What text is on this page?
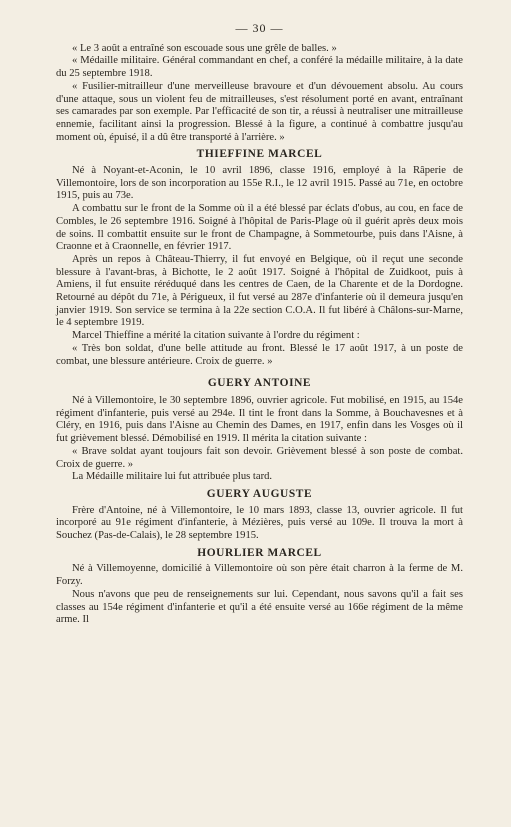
— 30 —

« Le 3 août a entraîné son escouade sous une grêle de balles. »

« Médaille militaire. Général commandant en chef, a conféré la médaille militaire, à la date du 25 septembre 1918.

« Fusilier-mitrailleur d'une merveilleuse bravoure et d'un dévouement absolu. Au cours d'une attaque, sous un violent feu de mitrailleuses, s'est résolument porté en avant, entraînant ses camarades par son exemple. Par l'efficacité de son tir, a réussi à neutraliser une mitrailleuse ennemie, facilitant ainsi la progression. Blessé à la figure, a continué à combattre jusqu'au moment où, épuisé, il a dû être transporté à l'arrière. »

THIEFFINE MARCEL

Né à Noyant-et-Aconin, le 10 avril 1896, classe 1916, employé à la Râperie de Villemontoire, lors de son incorporation au 155e R.I., le 12 avril 1915. Passé au 71e, en octobre 1915, puis au 73e.

A combattu sur le front de la Somme où il a été blessé par éclats d'obus, au cou, en face de Combles, le 26 septembre 1916. Soigné à l'hôpital de Paris-Plage où il guérit après deux mois de soins. Il combattit ensuite sur le front de Champagne, à Sommetourbe, puis dans l'Aisne, à Craonne et à Craonnelle, en février 1917.

Après un repos à Château-Thierry, il fut envoyé en Belgique, où il reçut une seconde blessure à l'avant-bras, à Bichotte, le 2 août 1917. Soigné à l'hôpital de Zuidkoot, puis à Amiens, il fut ensuite réréduqué dans les centres de Caen, de la Charente et de la Dordogne. Retourné au dépôt du 71e, à Périgueux, il fut versé au 287e d'infanterie où il demeura jusqu'en janvier 1919. Son service se termina à la 22e section C.O.A. Il fut libéré à Châlons-sur-Marne, le 4 septembre 1919.

Marcel Thieffine a mérité la citation suivante à l'ordre du régiment :

« Très bon soldat, d'une belle attitude au front. Blessé le 17 août 1917, à un poste de combat, une blessure antérieure. Croix de guerre. »

GUERY ANTOINE

Né à Villemontoire, le 30 septembre 1896, ouvrier agricole. Fut mobilisé, en 1915, au 154e régiment d'infanterie, puis versé au 294e. Il tint le front dans la Somme, à Bouchavesnes et à Cléry, en 1916, puis dans l'Aisne au Chemin des Dames, en 1917, enfin dans les Vosges où il fut grièvement blessé. Démobilisé en 1919. Il mérita la citation suivante :

« Brave soldat ayant toujours fait son devoir. Grièvement blessé à son poste de combat. Croix de guerre. »

La Médaille militaire lui fut attribuée plus tard.

GUERY AUGUSTE

Frère d'Antoine, né à Villemontoire, le 10 mars 1893, classe 13, ouvrier agricole. Il fut incorporé au 91e régiment d'infanterie, à Mézières, puis versé au 109e. Il trouva la mort à Souchez (Pas-de-Calais), le 28 septembre 1915.

HOURLIER MARCEL

Né à Villemoyenne, domicilié à Villemontoire où son père était charron à la ferme de M. Forzy.

Nous n'avons que peu de renseignements sur lui. Cependant, nous savons qu'il a fait ses classes au 154e régiment d'infanterie et qu'il a été ensuite versé au 166e régiment de la même arme. Il
